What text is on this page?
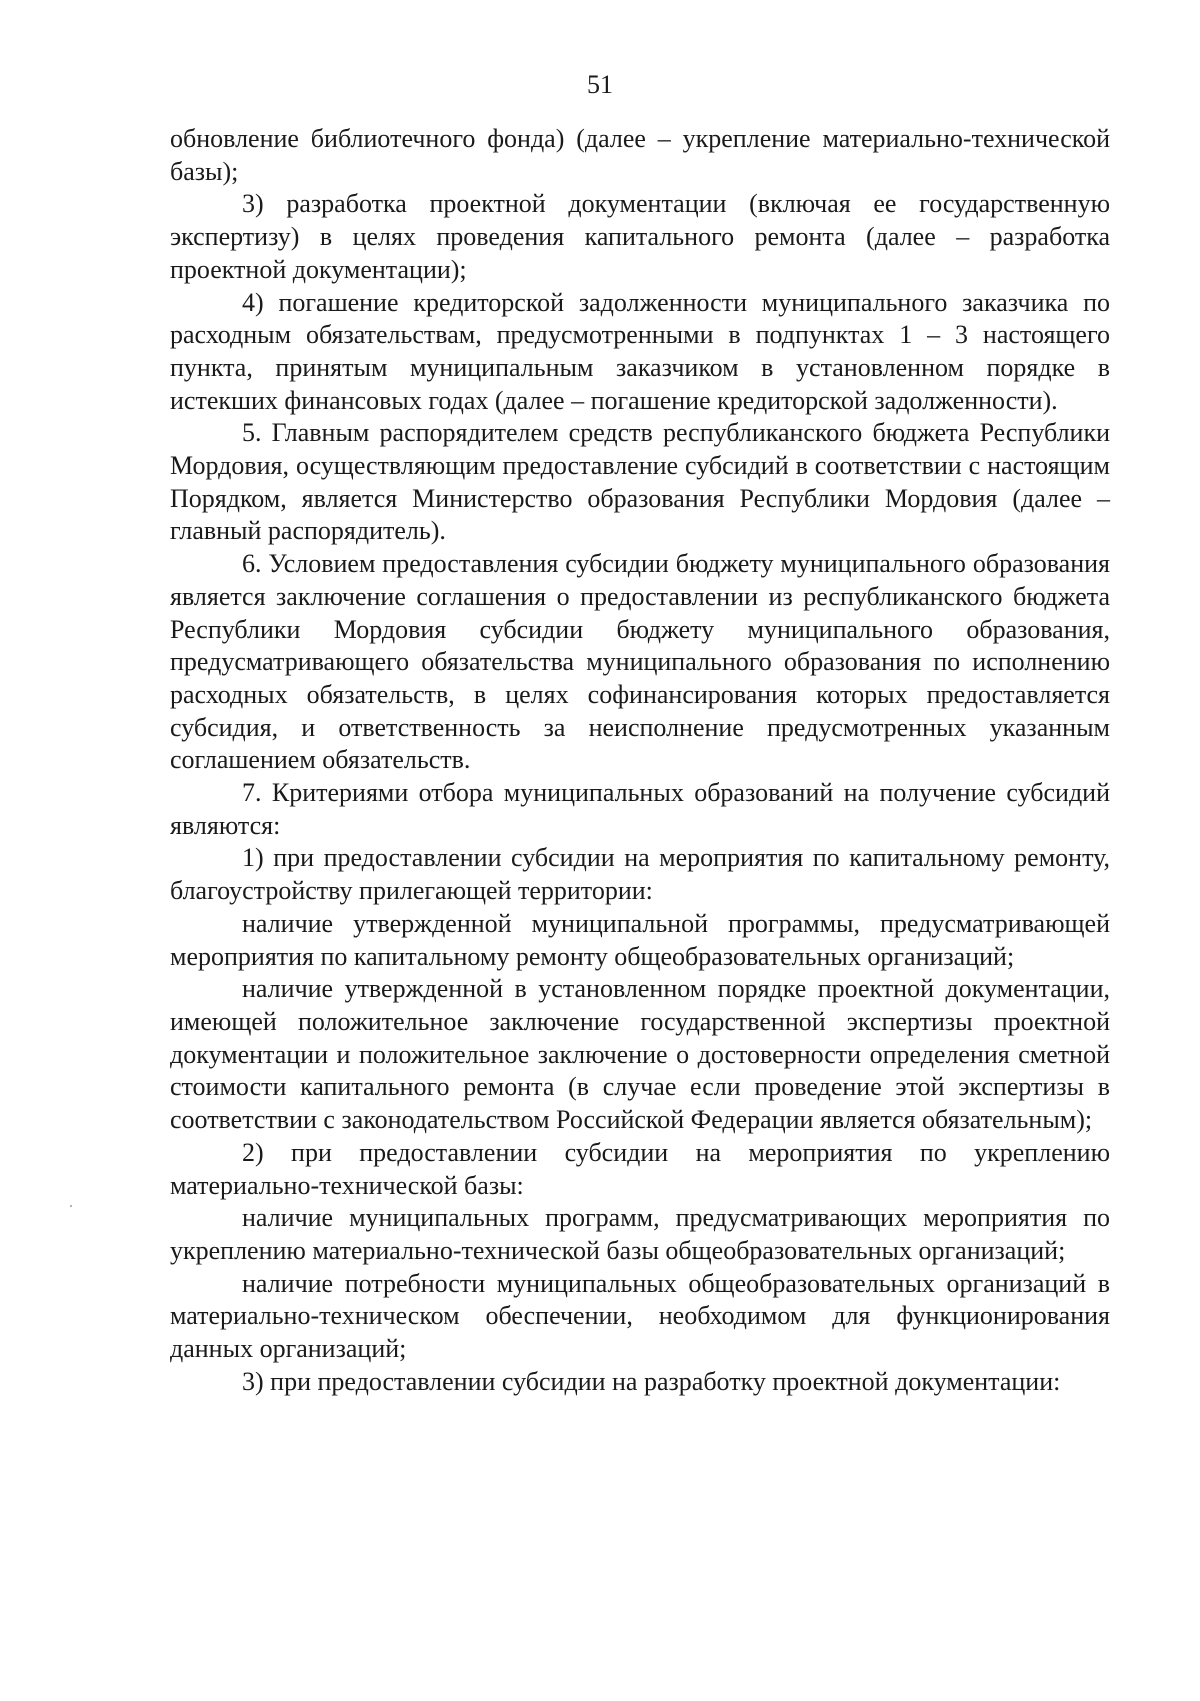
51

обновление библиотечного фонда) (далее – укрепление материально-технической базы);

3) разработка проектной документации (включая ее государственную экспертизу) в целях проведения капитального ремонта (далее – разработка проектной документации);

4) погашение кредиторской задолженности муниципального заказчика по расходным обязательствам, предусмотренными в подпунктах 1 – 3 настоящего пункта, принятым муниципальным заказчиком в установленном порядке в истекших финансовых годах (далее – погашение кредиторской задолженности).

5. Главным распорядителем средств республиканского бюджета Республики Мордовия, осуществляющим предоставление субсидий в соответствии с настоящим Порядком, является Министерство образования Республики Мордовия (далее – главный распорядитель).

6. Условием предоставления субсидии бюджету муниципального образования является заключение соглашения о предоставлении из республиканского бюджета Республики Мордовия субсидии бюджету муниципального образования, предусматривающего обязательства муниципального образования по исполнению расходных обязательств, в целях софинансирования которых предоставляется субсидия, и ответственность за неисполнение предусмотренных указанным соглашением обязательств.

7. Критериями отбора муниципальных образований на получение субсидий являются:

1) при предоставлении субсидии на мероприятия по капитальному ремонту, благоустройству прилегающей территории:

наличие утвержденной муниципальной программы, предусматривающей мероприятия по капитальному ремонту общеобразовательных организаций;

наличие утвержденной в установленном порядке проектной документации, имеющей положительное заключение государственной экспертизы проектной документации и положительное заключение о достоверности определения сметной стоимости капитального ремонта (в случае если проведение этой экспертизы в соответствии с законодательством Российской Федерации является обязательным);

2) при предоставлении субсидии на мероприятия по укреплению материально-технической базы:

наличие муниципальных программ, предусматривающих мероприятия по укреплению материально-технической базы общеобразовательных организаций;

наличие потребности муниципальных общеобразовательных организаций в материально-техническом обеспечении, необходимом для функционирования данных организаций;

3) при предоставлении субсидии на разработку проектной документации:
